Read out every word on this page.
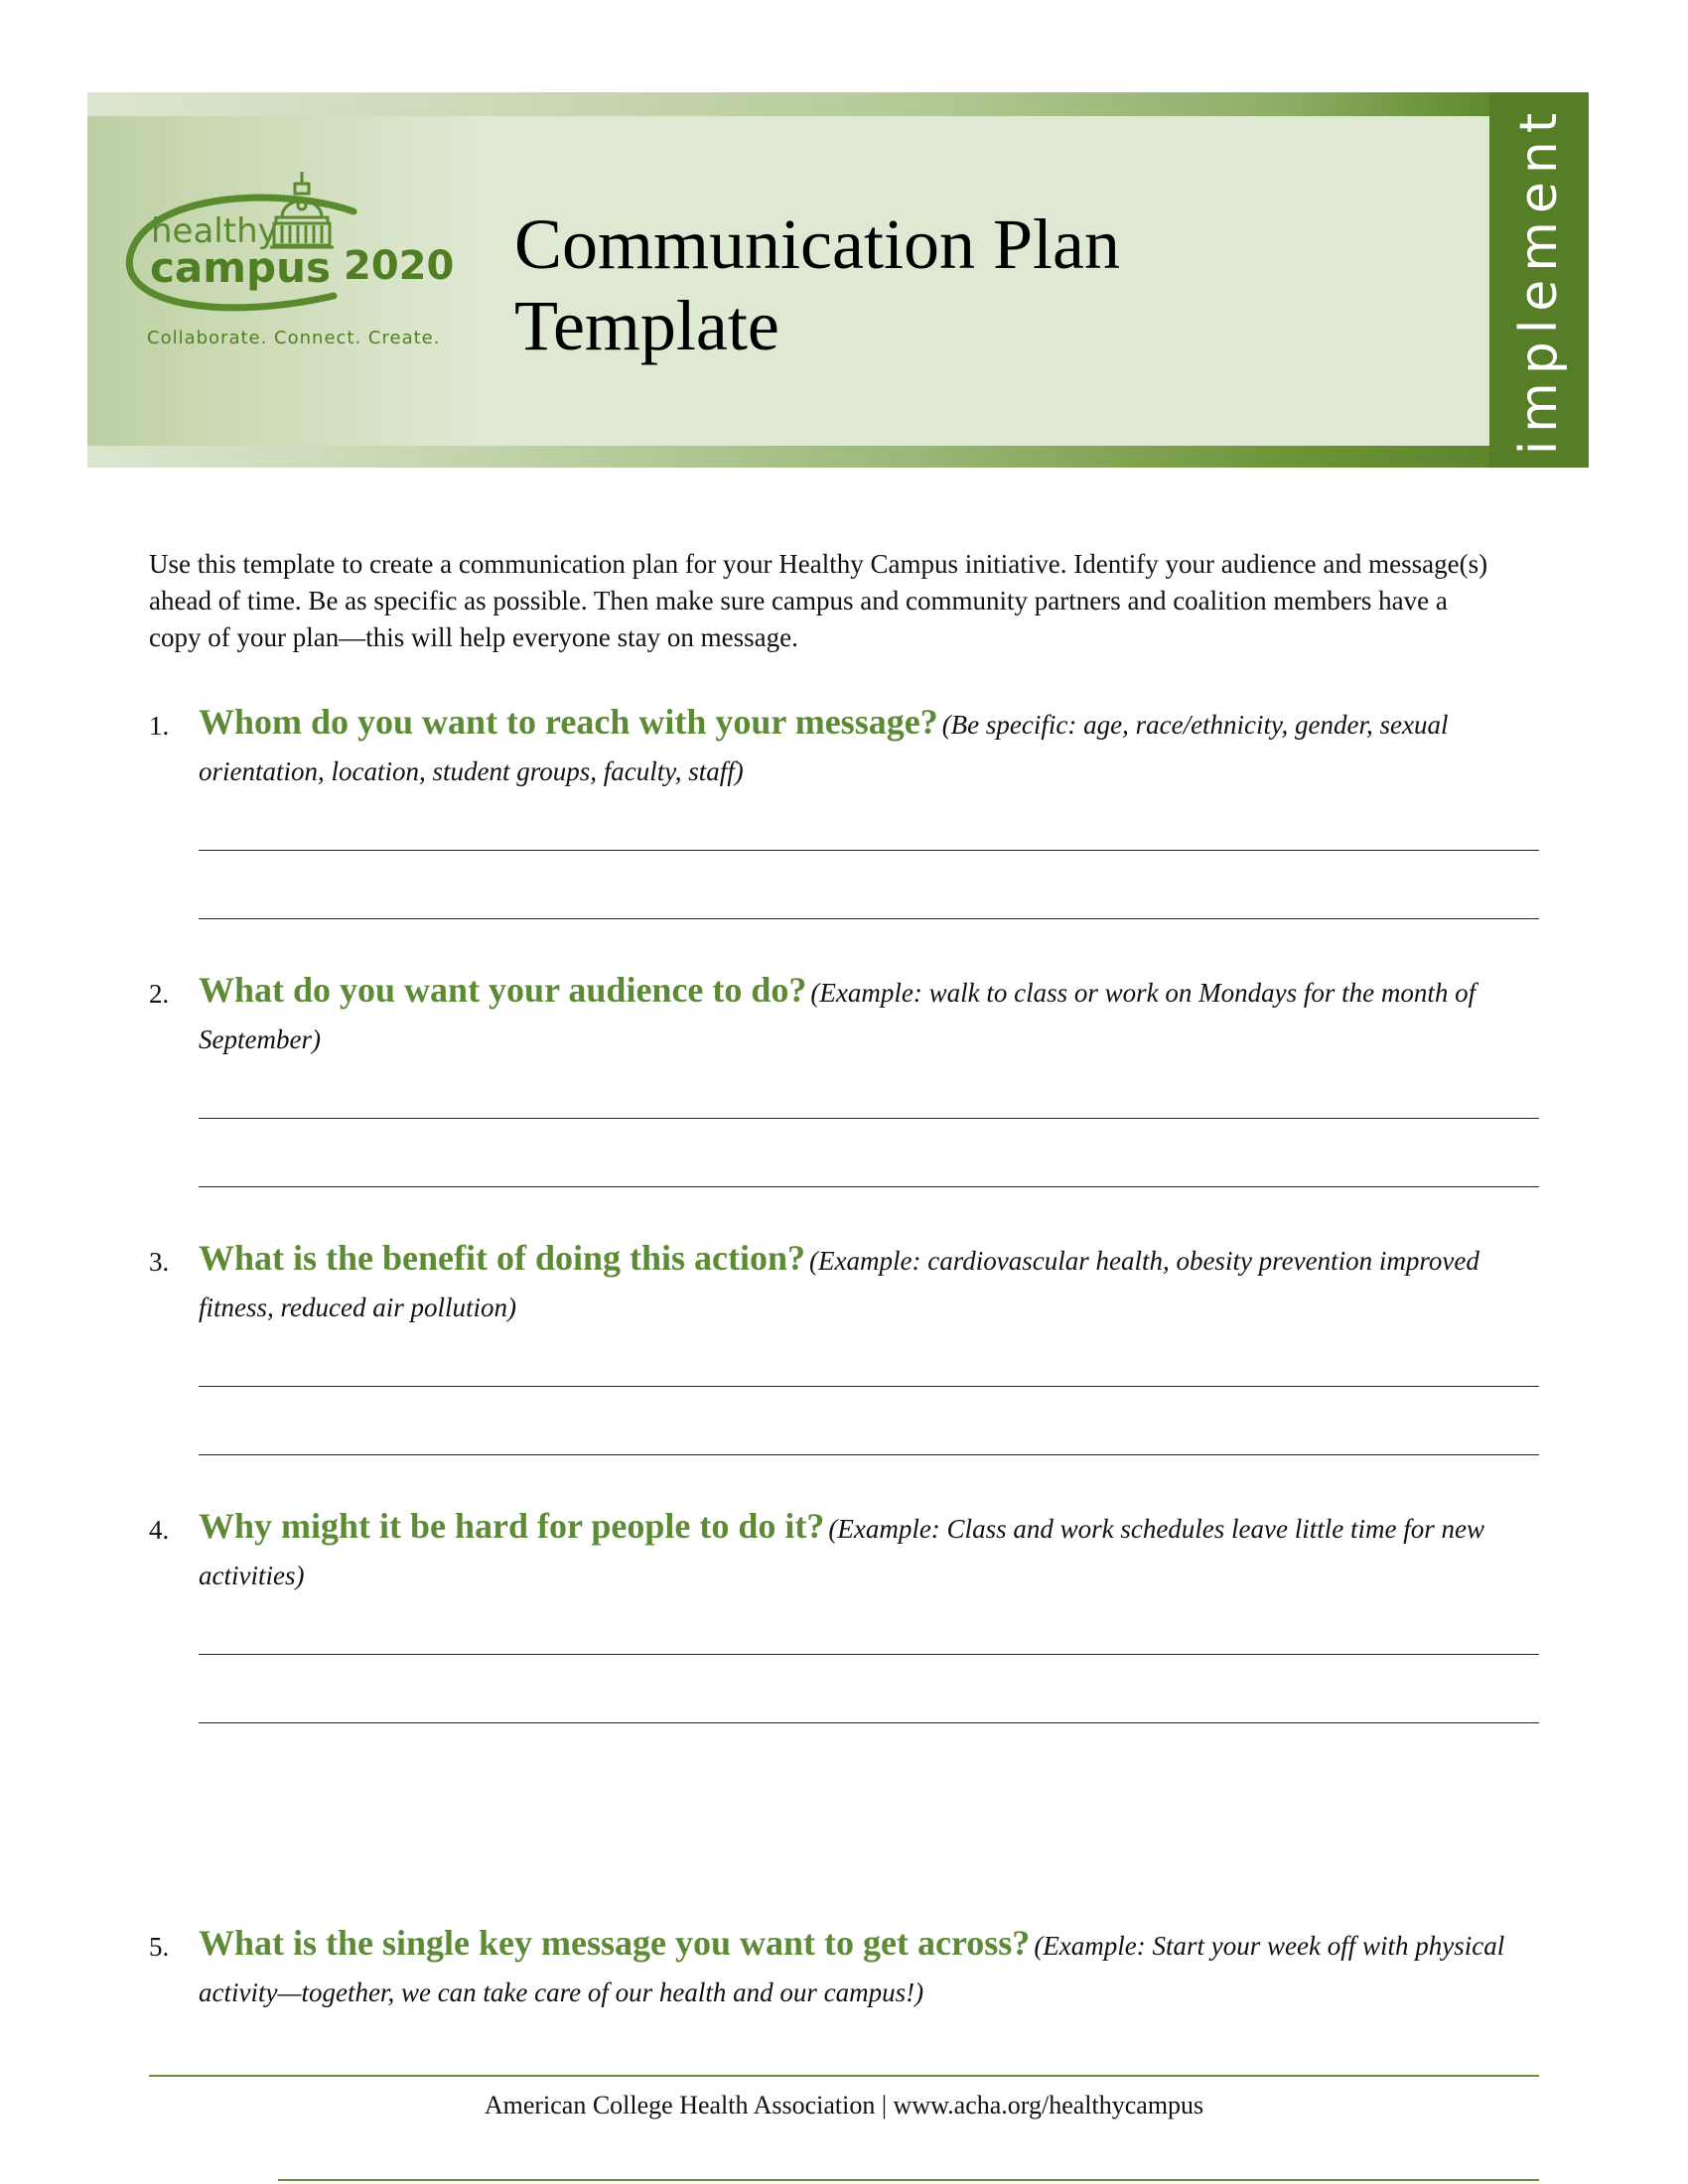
healthy
campus 2020
Collaborate. Connect. Create.
Communication Plan
Template	implement

Use this template to create a communication plan for your Healthy Campus initiative. Identify your audience and message(s) ahead of time. Be as specific as possible. Then make sure campus and community partners and coalition members have a copy of your plan—this will help everyone stay on message.

1. Whom do you want to reach with your message? (Be specific: age, race/ethnicity, gender, sexual orientation, location, student groups, faculty, staff)
2. What do you want your audience to do? (Example: walk to class or work on Mondays for the month of September)
3. What is the benefit of doing this action? (Example: cardiovascular health, obesity prevention improved fitness, reduced air pollution)
4. Why might it be hard for people to do it? (Example: Class and work schedules leave little time for new activities)
5. What is the single key message you want to get across? (Example: Start your week off with physical activity—together, we can take care of our health and our campus!)
American College Health Association | www.acha.org/healthycampus
